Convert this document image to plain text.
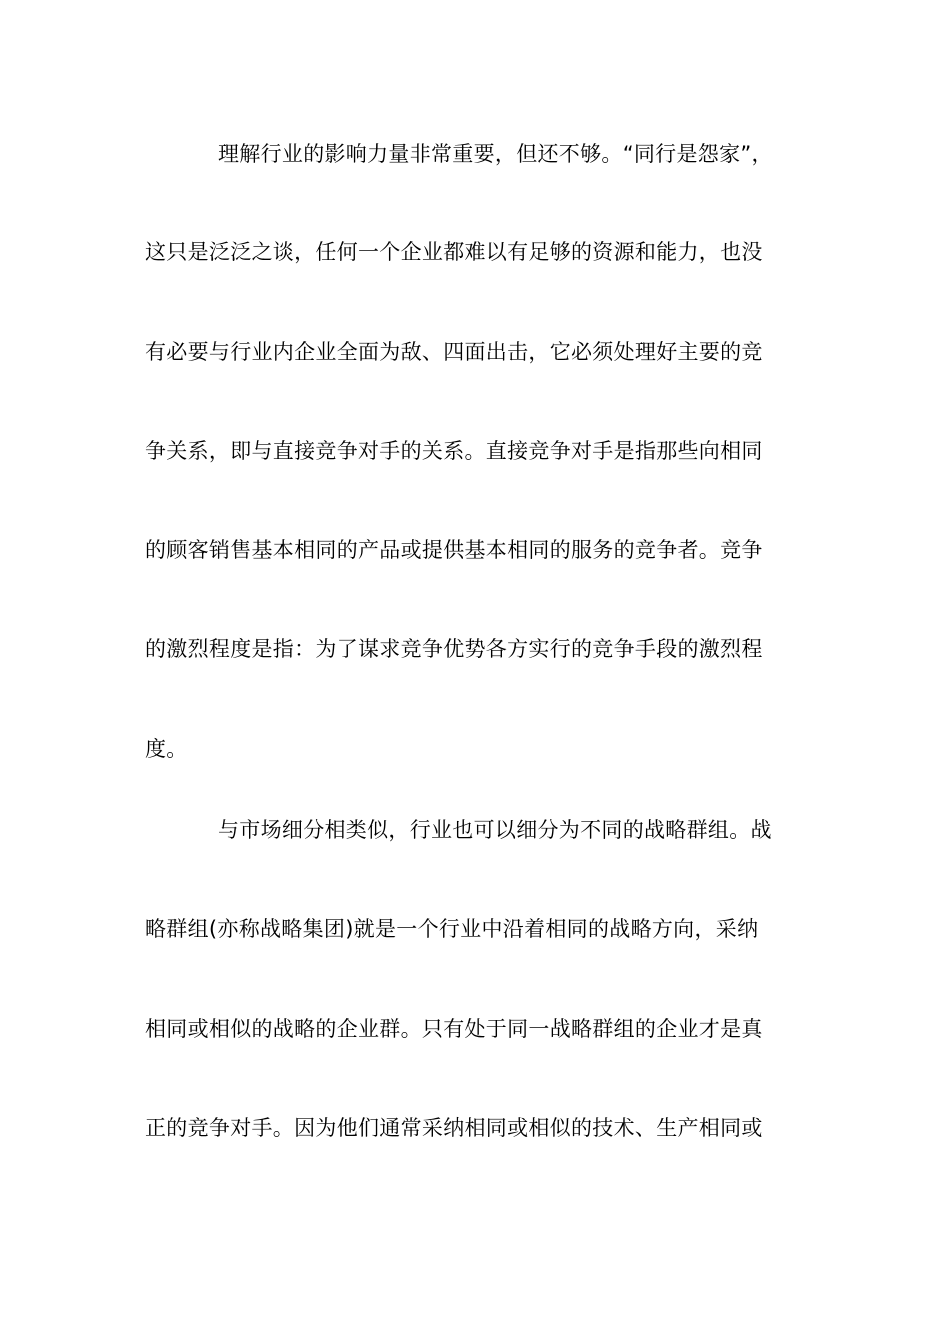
理解行业的影响力量非常重要，但还不够。“同行是怨家”，
这只是泛泛之谈，任何一个企业都难以有足够的资源和能力，也没
有必要与行业内企业全面为敌、四面出击，它必须处理好主要的竞
争关系，即与直接竞争对手的关系。直接竞争对手是指那些向相同
的顾客销售基本相同的产品或提供基本相同的服务的竞争者。竞争
的激烈程度是指：为了谋求竞争优势各方实行的竞争手段的激烈程
度。
与市场细分相类似，行业也可以细分为不同的战略群组。战
略群组(亦称战略集团)就是一个行业中沿着相同的战略方向，采纳
相同或相似的战略的企业群。只有处于同一战略群组的企业才是真
正的竞争对手。因为他们通常采纳相同或相似的技术、生产相同或
